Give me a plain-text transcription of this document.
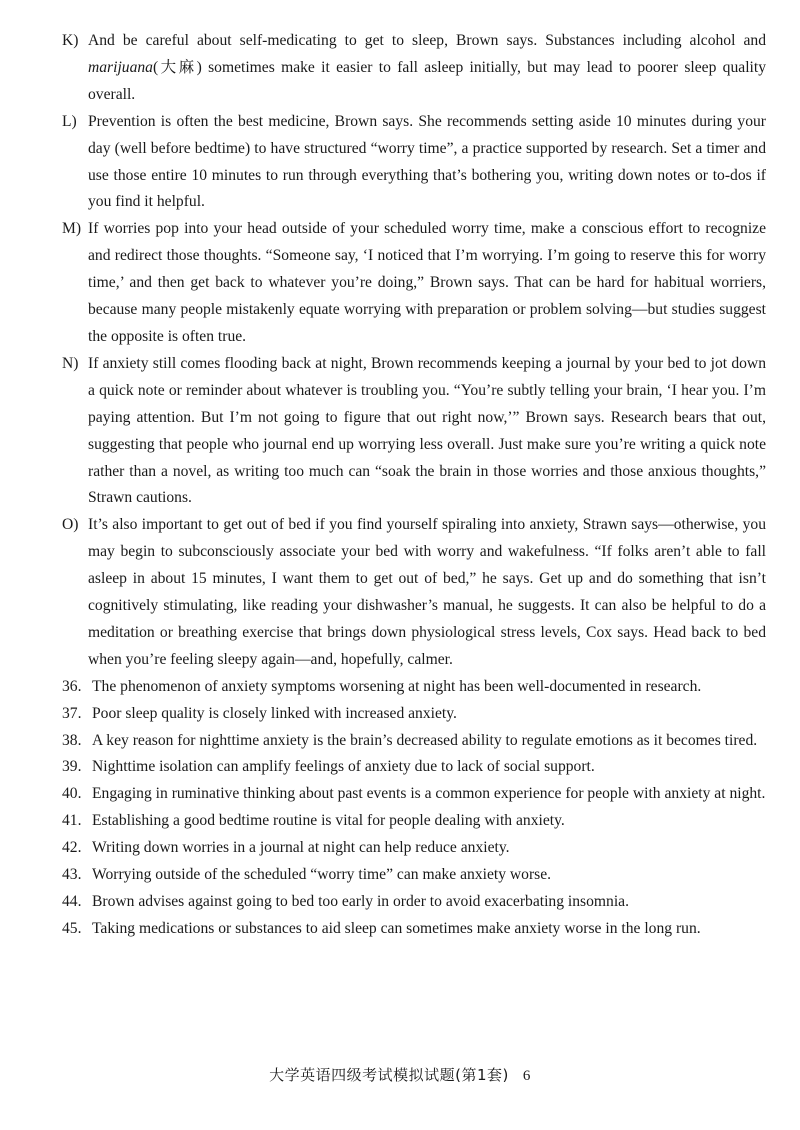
K) And be careful about self-medicating to get to sleep, Brown says. Substances including alcohol and marijuana(大麻) sometimes make it easier to fall asleep initially, but may lead to poorer sleep quality overall.
L) Prevention is often the best medicine, Brown says. She recommends setting aside 10 minutes during your day (well before bedtime) to have structured “worry time”, a practice supported by research. Set a timer and use those entire 10 minutes to run through everything that’s bothering you, writing down notes or to-dos if you find it helpful.
M) If worries pop into your head outside of your scheduled worry time, make a conscious effort to recognize and redirect those thoughts. “Someone say, ‘I noticed that I’m worrying. I’m going to reserve this for worry time,’ and then get back to whatever you’re doing,” Brown says. That can be hard for habitual worriers, because many people mistakenly equate worrying with preparation or problem solving—but studies suggest the opposite is often true.
N) If anxiety still comes flooding back at night, Brown recommends keeping a journal by your bed to jot down a quick note or reminder about whatever is troubling you. “You’re subtly telling your brain, ‘I hear you. I’m paying attention. But I’m not going to figure that out right now,’” Brown says. Research bears that out, suggesting that people who journal end up worrying less overall. Just make sure you’re writing a quick note rather than a novel, as writing too much can “soak the brain in those worries and those anxious thoughts,” Strawn cautions.
O) It’s also important to get out of bed if you find yourself spiraling into anxiety, Strawn says—otherwise, you may begin to subconsciously associate your bed with worry and wakefulness. “If folks aren’t able to fall asleep in about 15 minutes, I want them to get out of bed,” he says. Get up and do something that isn’t cognitively stimulating, like reading your dishwasher’s manual, he suggests. It can also be helpful to do a meditation or breathing exercise that brings down physiological stress levels, Cox says. Head back to bed when you’re feeling sleepy again—and, hopefully, calmer.
36. The phenomenon of anxiety symptoms worsening at night has been well-documented in research.
37. Poor sleep quality is closely linked with increased anxiety.
38. A key reason for nighttime anxiety is the brain’s decreased ability to regulate emotions as it becomes tired.
39. Nighttime isolation can amplify feelings of anxiety due to lack of social support.
40. Engaging in ruminative thinking about past events is a common experience for people with anxiety at night.
41. Establishing a good bedtime routine is vital for people dealing with anxiety.
42. Writing down worries in a journal at night can help reduce anxiety.
43. Worrying outside of the scheduled “worry time” can make anxiety worse.
44. Brown advises against going to bed too early in order to avoid exacerbating insomnia.
45. Taking medications or substances to aid sleep can sometimes make anxiety worse in the long run.
大学英语四级考试模拟试题(第1套) 6
